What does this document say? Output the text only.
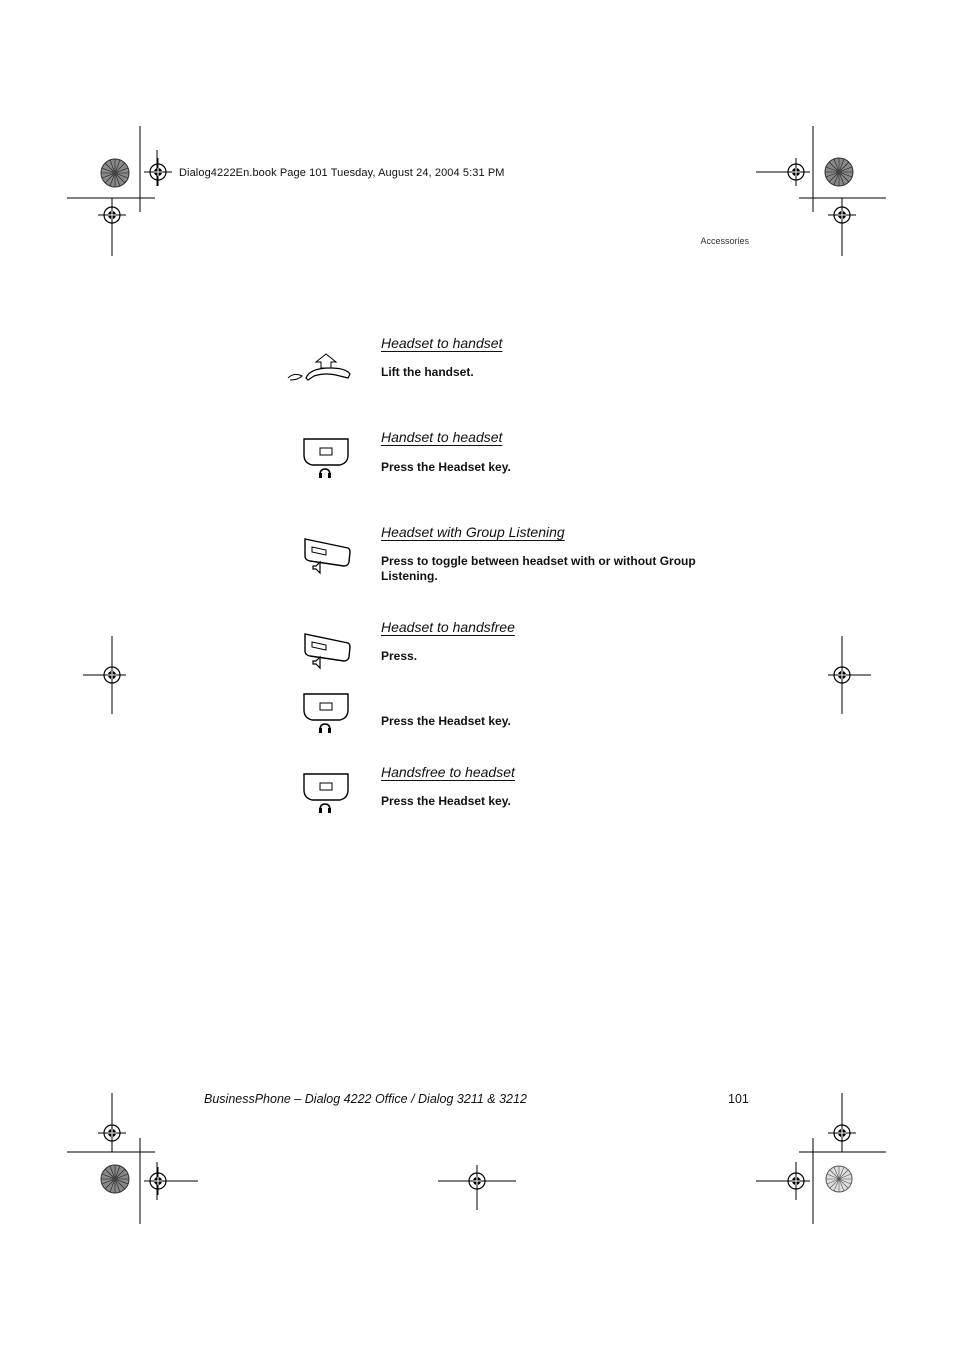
Dialog4222En.book Page 101 Tuesday, August 24, 2004 5:31 PM
Accessories
Headset to handset
Lift the handset.
Handset to headset
Press the Headset key.
Headset with Group Listening
Press to toggle between headset with or without Group Listening.
Headset to handsfree
Press.
Press the Headset key.
Handsfree to headset
Press the Headset key.
BusinessPhone – Dialog 4222 Office / Dialog 3211 & 3212	101
